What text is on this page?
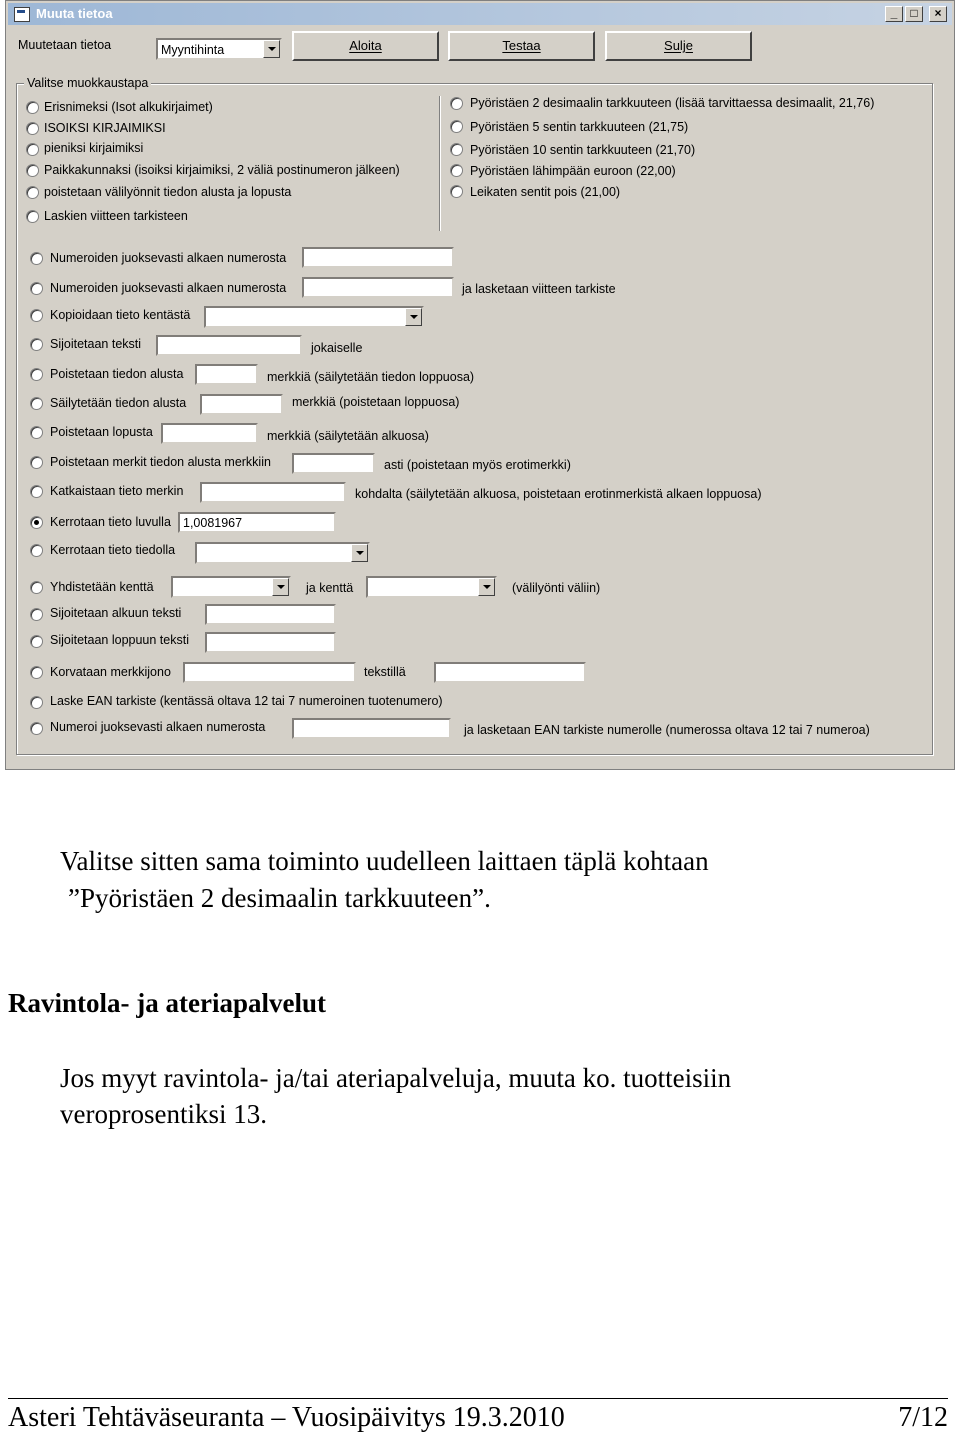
Muuta tietoa	_	□	×
Muutetaan tietoa	Myyntihinta	Aloita	Testaa	Sulje
Valitse muokkaustapa
Erisnimeksi (Isot alkukirjaimet)
ISOIKSI KIRJAIMIKSI
pieniksi kirjaimiksi
Paikkakunnaksi (isoiksi kirjaimiksi, 2 väliä postinumeron jälkeen)
poistetaan välilyönnit tiedon alusta ja lopusta
Laskien viitteen tarkisteen
Pyöristäen 2 desimaalin tarkkuuteen (lisää tarvittaessa desimaalit, 21,76)
Pyöristäen 5 sentin tarkkuuteen (21,75)
Pyöristäen 10 sentin tarkkuuteen (21,70)
Pyöristäen lähimpään euroon (22,00)
Leikaten sentit pois (21,00)
Numeroiden juoksevasti alkaen numerosta
Numeroiden juoksevasti alkaen numerosta	ja lasketaan viitteen tarkiste
Kopioidaan tieto kentästä
Sijoitetaan teksti	jokaiselle
Poistetaan tiedon alusta	merkkiä (säilytetään tiedon loppuosa)
Säilytetään tiedon alusta	merkkiä (poistetaan loppuosa)
Poistetaan lopusta	merkkiä (säilytetään alkuosa)
Poistetaan merkit tiedon alusta merkkiin	asti (poistetaan myös erotimerkki)
Katkaistaan tieto merkin	kohdalta (säilytetään alkuosa, poistetaan erotinmerkistä alkaen loppuosa)
Kerrotaan tieto luvulla 1,0081967
Kerrotaan tieto tiedolla
Yhdistetään kenttä	ja kenttä	(välilyönti väliin)
Sijoitetaan alkuun teksti
Sijoitetaan loppuun teksti
Korvataan merkkijono	tekstillä
Laske EAN tarkiste (kentässä oltava 12 tai 7 numeroinen tuotenumero)
Numeroi juoksevasti alkaen numerosta	ja lasketaan EAN tarkiste numerolle (numerossa oltava 12 tai 7 numeroa)
Valitse sitten sama toiminto uudelleen laittaen täplä kohtaan
”Pyöristäen 2 desimaalin tarkkuuteen”.
Ravintola- ja ateriapalvelut
Jos myyt ravintola- ja/tai ateriapalveluja, muuta ko. tuotteisiin
veroprosentiksi 13.
Asteri Tehtäväseuranta – Vuosipäivitys 19.3.2010	7/12
